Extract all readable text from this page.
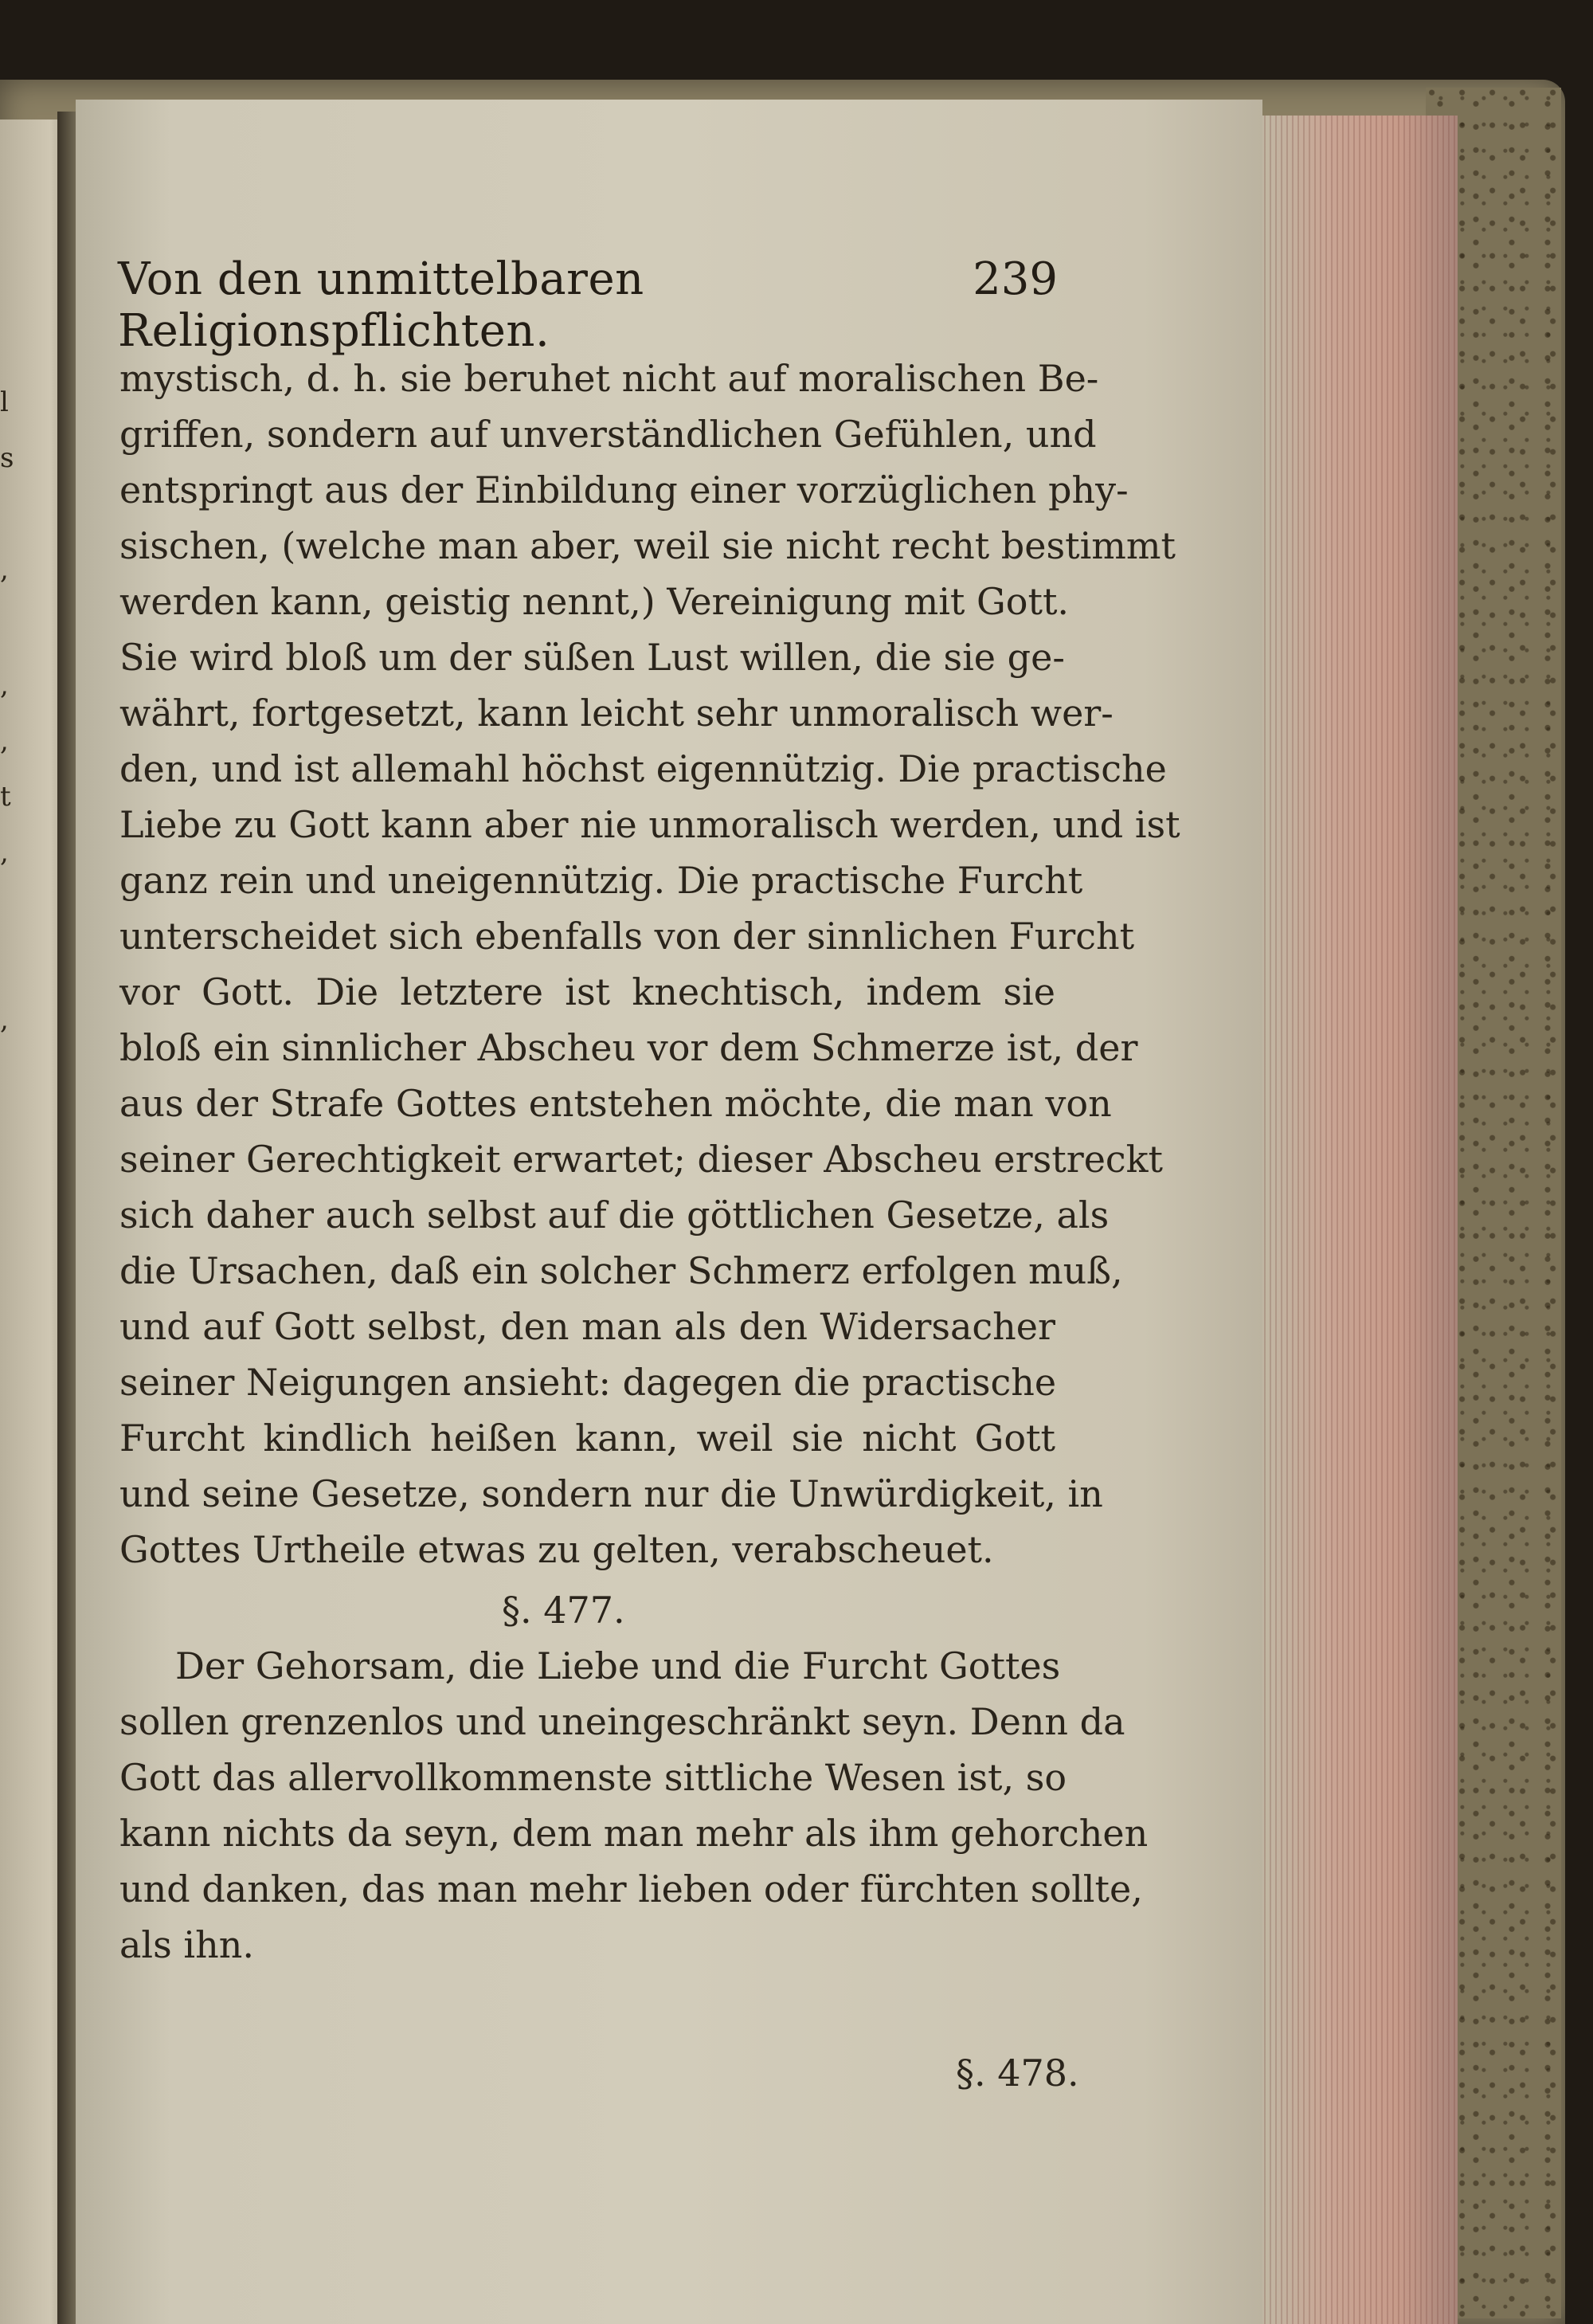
l
s
,
,
,
t
,
,
Von den unmittelbaren Religionspflichten.
239
mystisch, d. h. sie beruhet nicht auf moralischen Be-
griffen, sondern auf unverständlichen Gefühlen, und
entspringt aus der Einbildung einer vorzüglichen phy-
sischen, (welche man aber, weil sie nicht recht bestimmt
werden kann, geistig nennt,) Vereinigung mit Gott.
Sie wird bloß um der süßen Lust willen, die sie ge-
währt, fortgesetzt, kann leicht sehr unmoralisch wer-
den, und ist allemahl höchst eigennützig. Die practische
Liebe zu Gott kann aber nie unmoralisch werden, und ist
ganz rein und uneigennützig. Die practische Furcht
unterscheidet sich ebenfalls von der sinnlichen Furcht
vor Gott. Die letztere ist knechtisch, indem sie
bloß ein sinnlicher Abscheu vor dem Schmerze ist, der
aus der Strafe Gottes entstehen möchte, die man von
seiner Gerechtigkeit erwartet; dieser Abscheu erstreckt
sich daher auch selbst auf die göttlichen Gesetze, als
die Ursachen, daß ein solcher Schmerz erfolgen muß,
und auf Gott selbst, den man als den Widersacher
seiner Neigungen ansieht: dagegen die practische
Furcht kindlich heißen kann, weil sie nicht Gott
und seine Gesetze, sondern nur die Unwürdigkeit, in
Gottes Urtheile etwas zu gelten, verabscheuet.
§. 477.
Der Gehorsam, die Liebe und die Furcht Gottes
sollen grenzenlos und uneingeschränkt seyn. Denn da
Gott das allervollkommenste sittliche Wesen ist, so
kann nichts da seyn, dem man mehr als ihm gehorchen
und danken, das man mehr lieben oder fürchten sollte,
als ihn.
§. 478.
